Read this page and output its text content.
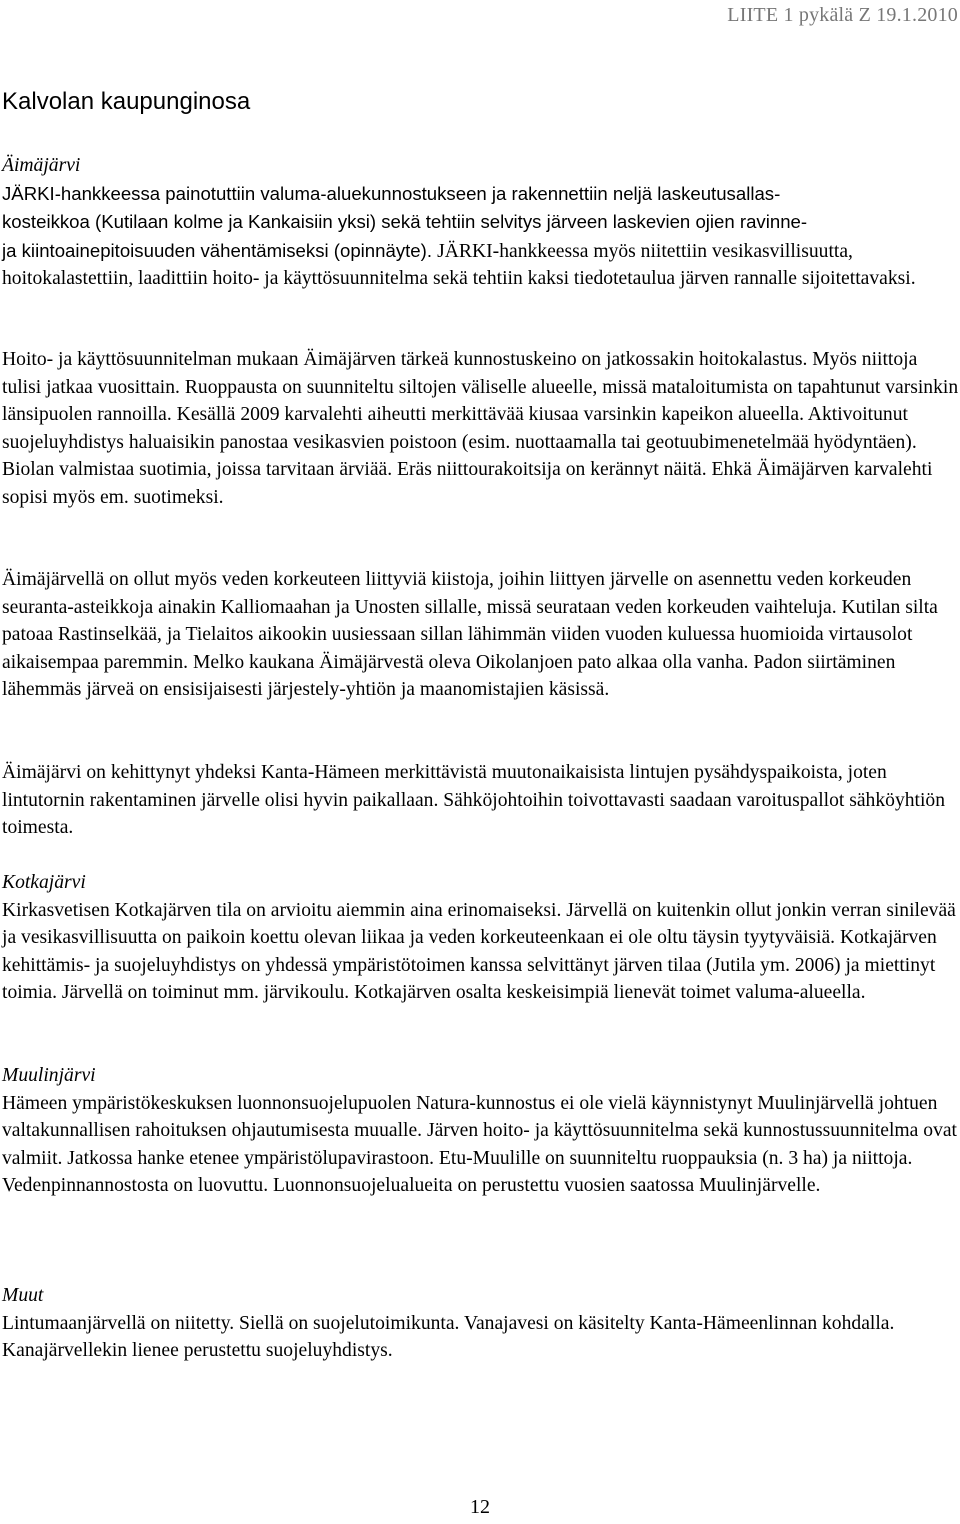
LIITE 1 pykälä Z 19.1.2010
Kalvolan kaupunginosa
Äimäjärvi
JÄRKI-hankkeessa painotuttiin valuma-aluekunnostukseen ja rakennettiin neljä laskeutusallas-
kosteikkoa (Kutilaan kolme ja Kankaisiin yksi) sekä tehtiin selvitys järveen laskevien ojien ravinne-
ja kiintoainepitoisuuden vähentämiseksi (opinnäyte). JÄRKI-hankkeessa myös niitettiin vesikasvillisuutta, hoitokalastettiin, laadittiin hoito- ja käyttösuunnitelma sekä tehtiin kaksi tiedotetaulua järven rannalle sijoitettavaksi.

Hoito- ja käyttösuunnitelman mukaan Äimäjärven tärkeä kunnostuskeino on jatkossakin hoitokalastus. Myös niittoja tulisi jatkaa vuosittain. Ruoppausta on suunniteltu siltojen väliselle alueelle, missä mataloitumista on tapahtunut varsinkin länsipuolen rannoilla. Kesällä 2009 karvalehti aiheutti merkittävää kiusaa varsinkin kapeikon alueella. Aktivoitunut suojeluyhdistys haluaisikin panostaa vesikasvien poistoon (esim. nuottaamalla tai geotuubimenetelmää hyödyntäen). Biolan valmistaa suotimia, joissa tarvitaan ärviää. Eräs niittourakoitsija on kerännyt näitä. Ehkä Äimäjärven karvalehti sopisi myös em. suotimeksi.

Äimäjärvellä on ollut myös veden korkeuteen liittyviä kiistoja, joihin liittyen järvelle on asennettu veden korkeuden seuranta-asteikkoja ainakin Kalliomaahan ja Unosten sillalle, missä seurataan veden korkeuden vaihteluja. Kutilan silta patoaa Rastinselkää, ja Tielaitos aikookin uusiessaan sillan lähimmän viiden vuoden kuluessa huomioida virtausolot aikaisempaa paremmin. Melko kaukana Äimäjärvestä oleva Oikolanjoen pato alkaa olla vanha. Padon siirtäminen lähemmäs järveä on ensisijaisesti järjestely-yhtiön ja maanomistajien käsissä.

Äimäjärvi on kehittynyt yhdeksi Kanta-Hämeen merkittävistä muutonaikaisista lintujen pysähdyspaikoista, joten lintutornin rakentaminen järvelle olisi hyvin paikallaan. Sähköjohtoihin toivottavasti saadaan varoituspallot sähköyhtiön toimesta.

Kotkajärvi
Kirkasvetisen Kotkajärven tila on arvioitu aiemmin aina erinomaiseksi. Järvellä on kuitenkin ollut jonkin verran sinilevää ja vesikasvillisuutta on paikoin koettu olevan liikaa ja veden korkeuteenkaan ei ole oltu täysin tyytyväisiä. Kotkajärven kehittämis- ja suojeluyhdistys on yhdessä ympäristötoimen kanssa selvittänyt järven tilaa (Jutila ym. 2006) ja miettinyt toimia. Järvellä on toiminut mm. järvikoulu. Kotkajärven osalta keskeisimpiä lienevät toimet valuma-alueella.
Muulinjärvi
Hämeen ympäristökeskuksen luonnonsuojelupuolen Natura-kunnostus ei ole vielä käynnistynyt Muulinjärvellä johtuen valtakunnallisen rahoituksen ohjautumisesta muualle. Järven hoito- ja käyttösuunnitelma sekä kunnostussuunnitelma ovat valmiit. Jatkossa hanke etenee ympäristölupavirastoon. Etu-Muulille on suunniteltu ruoppauksia (n. 3 ha) ja niittoja. Vedenpinnannostosta on luovuttu. Luonnonsuojelualueita on perustettu vuosien saatossa Muulinjärvelle.
Muut
Lintumaanjärvellä on niitetty. Siellä on suojelutoimikunta. Vanajavesi on käsitelty Kanta-Hämeenlinnan kohdalla. Kanajärvellekin lienee perustettu suojeluyhdistys.
12
